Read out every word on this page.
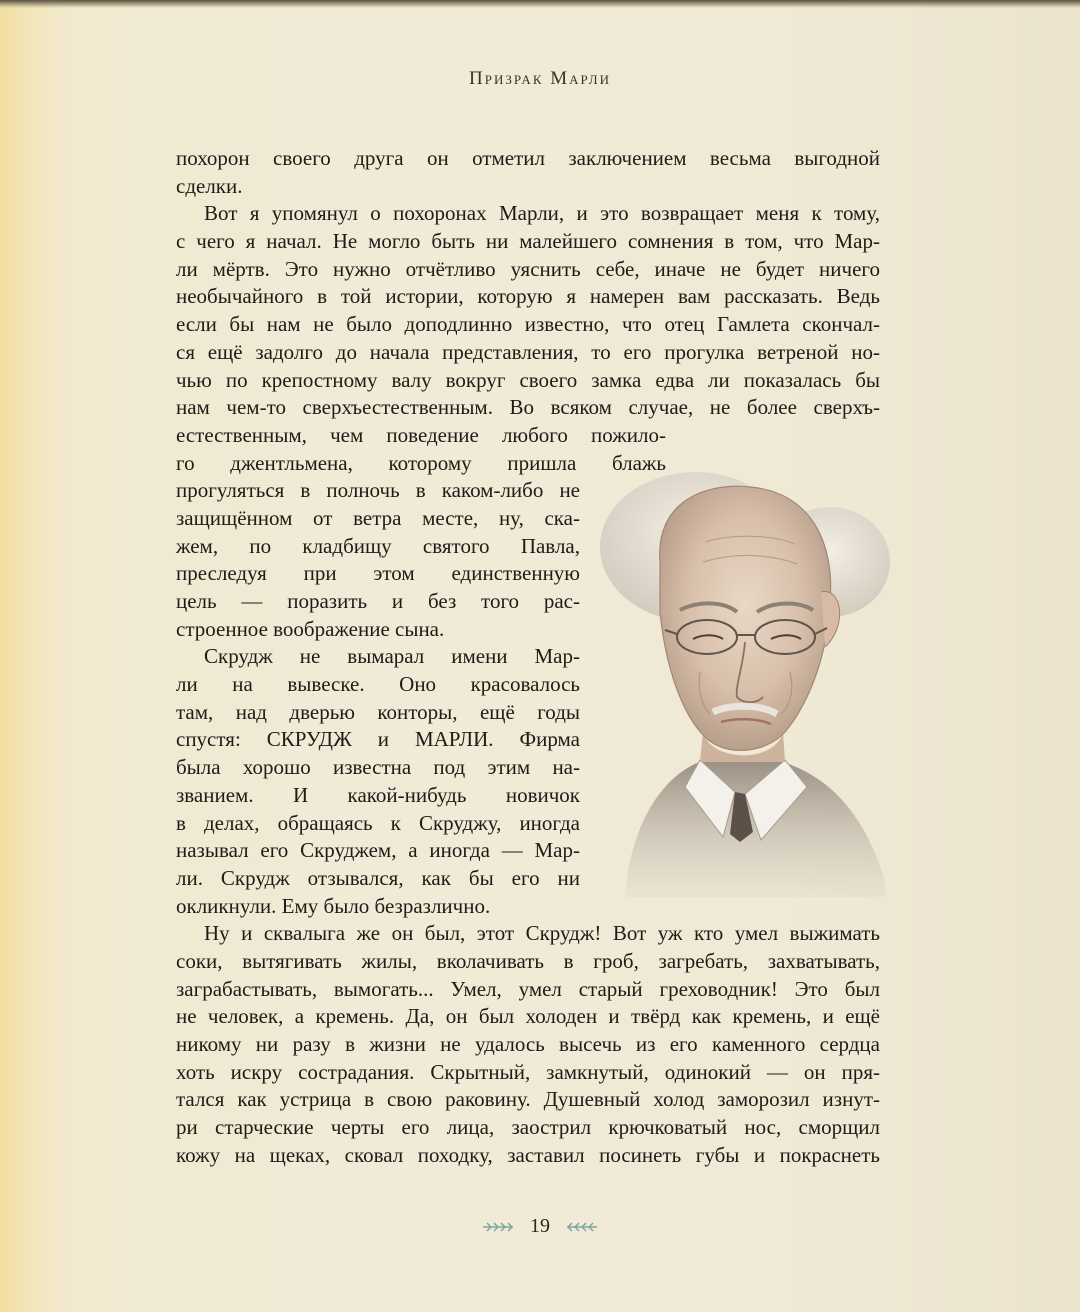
Призрак Марли
похорон своего друга он отметил заключением весьма выгодной
сделки.
Вот я упомянул о похоронах Марли, и это возвращает меня к тому,
с чего я начал. Не могло быть ни малейшего сомнения в том, что Мар-
ли мёртв. Это нужно отчётливо уяснить себе, иначе не будет ничего
необычайного в той истории, которую я намерен вам рассказать. Ведь
если бы нам не было доподлинно известно, что отец Гамлета скончал-
ся ещё задолго до начала представления, то его прогулка ветреной но-
чью по крепостному валу вокруг своего замка едва ли показалась бы
нам чем-то сверхъестественным. Во всяком случае, не более сверхъ-
естественным, чем поведение любого пожило-
го джентльмена, которому пришла блажь
прогуляться в полночь в каком-либо не
защищённом от ветра месте, ну, ска-
жем, по кладбищу святого Павла,
преследуя при этом единственную
цель — поразить и без того рас-
строенное воображение сына.
Скрудж не вымарал имени Мар-
ли на вывеске. Оно красовалось
там, над дверью конторы, ещё годы
спустя: СКРУДЖ и МАРЛИ. Фирма
была хорошо известна под этим на-
званием. И какой-нибудь новичок
в делах, обращаясь к Скруджу, иногда
называл его Скруджем, а иногда — Мар-
ли. Скрудж отзывался, как бы его ни
окликнули. Ему было безразлично.
Ну и сквалыга же он был, этот Скрудж! Вот уж кто умел выжимать
соки, вытягивать жилы, вколачивать в гроб, загребать, захватывать,
заграбастывать, вымогать... Умел, умел старый греховодник! Это был
не человек, а кремень. Да, он был холоден и твёрд как кремень, и ещё
никому ни разу в жизни не удалось высечь из его каменного сердца
хоть искру сострадания. Скрытный, замкнутый, одинокий — он пря-
тался как устрица в свою раковину. Душевный холод заморозил изнут-
ри старческие черты его лица, заострил крючковатый нос, сморщил
кожу на щеках, сковал походку, заставил посинеть губы и покраснеть
19
